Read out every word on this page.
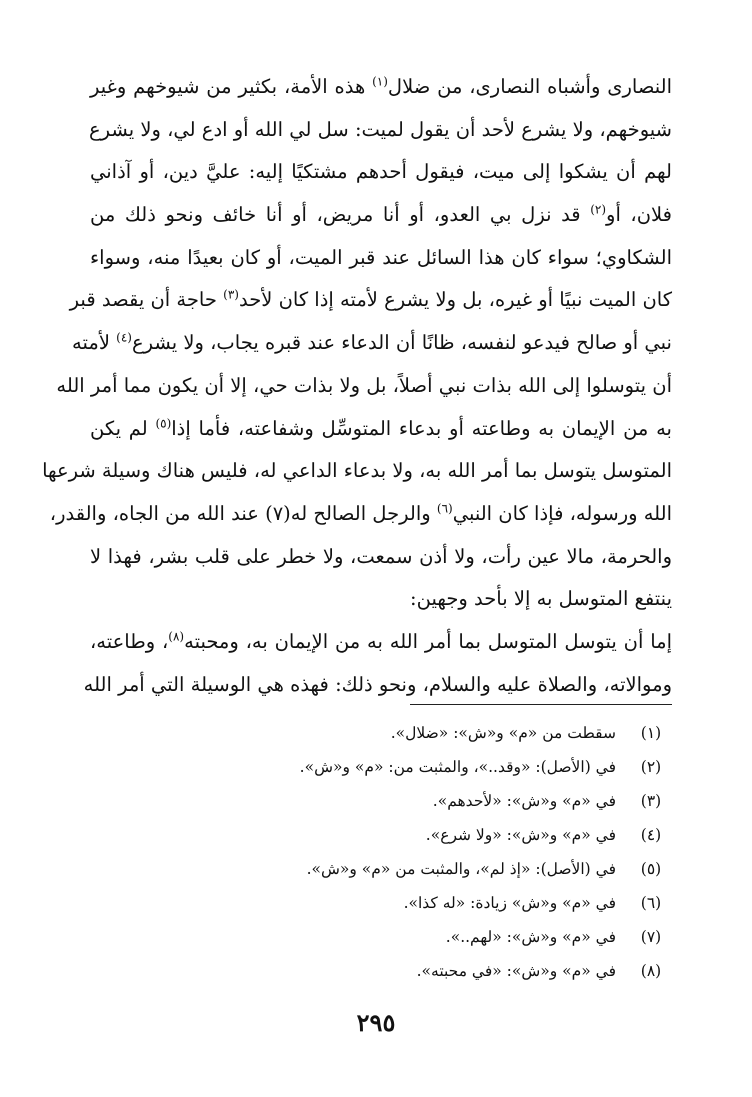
النصارى وأشباه النصارى، من ضلال$^{(١)}$ هذه الأمة، بكثير من شيوخهم وغير
شيوخهم، ولا يشرع لأحد أن يقول لميت: سل لي الله أو ادع لي، ولا يشرع
لهم أن يشكوا إلى ميت، فيقول أحدهم مشتكيًا إليه: عليَّ دين، أو آذاني
فلان، أو$^{(٢)}$ قد نزل بي العدو، أو أنا مريض، أو أنا خائف ونحو ذلك من
الشكاوي؛ سواء كان هذا السائل عند قبر الميت، أو كان بعيدًا منه، وسواء
كان الميت نبيًا أو غيره، بل ولا يشرع لأمته إذا كان لأحد$^{(٣)}$ حاجة أن يقصد قبر
نبي أو صالح فيدعو لنفسه، ظانًا أن الدعاء عند قبره يجاب، ولا يشرع$^{(٤)}$ لأمته
أن يتوسلوا إلى الله بذات نبي أصلاً، بل ولا بذات حي، إلا أن يكون مما أمر الله
به من الإيمان به وطاعته أو بدعاء المتوسِّل وشفاعته، فأما إذا$^{(٥)}$ لم يكن
المتوسل يتوسل بما أمر الله به، ولا بدعاء الداعي له، فليس هناك وسيلة شرعها
الله ورسوله، فإذا كان النبي$^{(٦)}$ والرجل الصالح له(٧) عند الله من الجاه، والقدر،
والحرمة، مالا عين رأت، ولا أذن سمعت، ولا خطر على قلب بشر، فهذا لا
ينتفع المتوسل به إلا بأحد وجهين:
إما أن يتوسل المتوسل بما أمر الله به من الإيمان به، ومحبته$^{(٨)}$، وطاعته،
وموالاته، والصلاة عليه والسلام، ونحو ذلك: فهذه هي الوسيلة التي أمر الله
(١)
سقطت من «م» و«ش»: «ضلال».
(٢)
في (الأصل): «وقد..»، والمثبت من: «م» و«ش».
(٣)
في «م» و«ش»: «لأحدهم».
(٤)
في «م» و«ش»: «ولا شرع».
(٥)
في (الأصل): «إذ لم»، والمثبت من «م» و«ش».
(٦)
في «م» و«ش» زيادة: «له كذا».
(٧)
في «م» و«ش»: «لهم..».
(٨)
في «م» و«ش»: «في محبته».
٢٩٥
